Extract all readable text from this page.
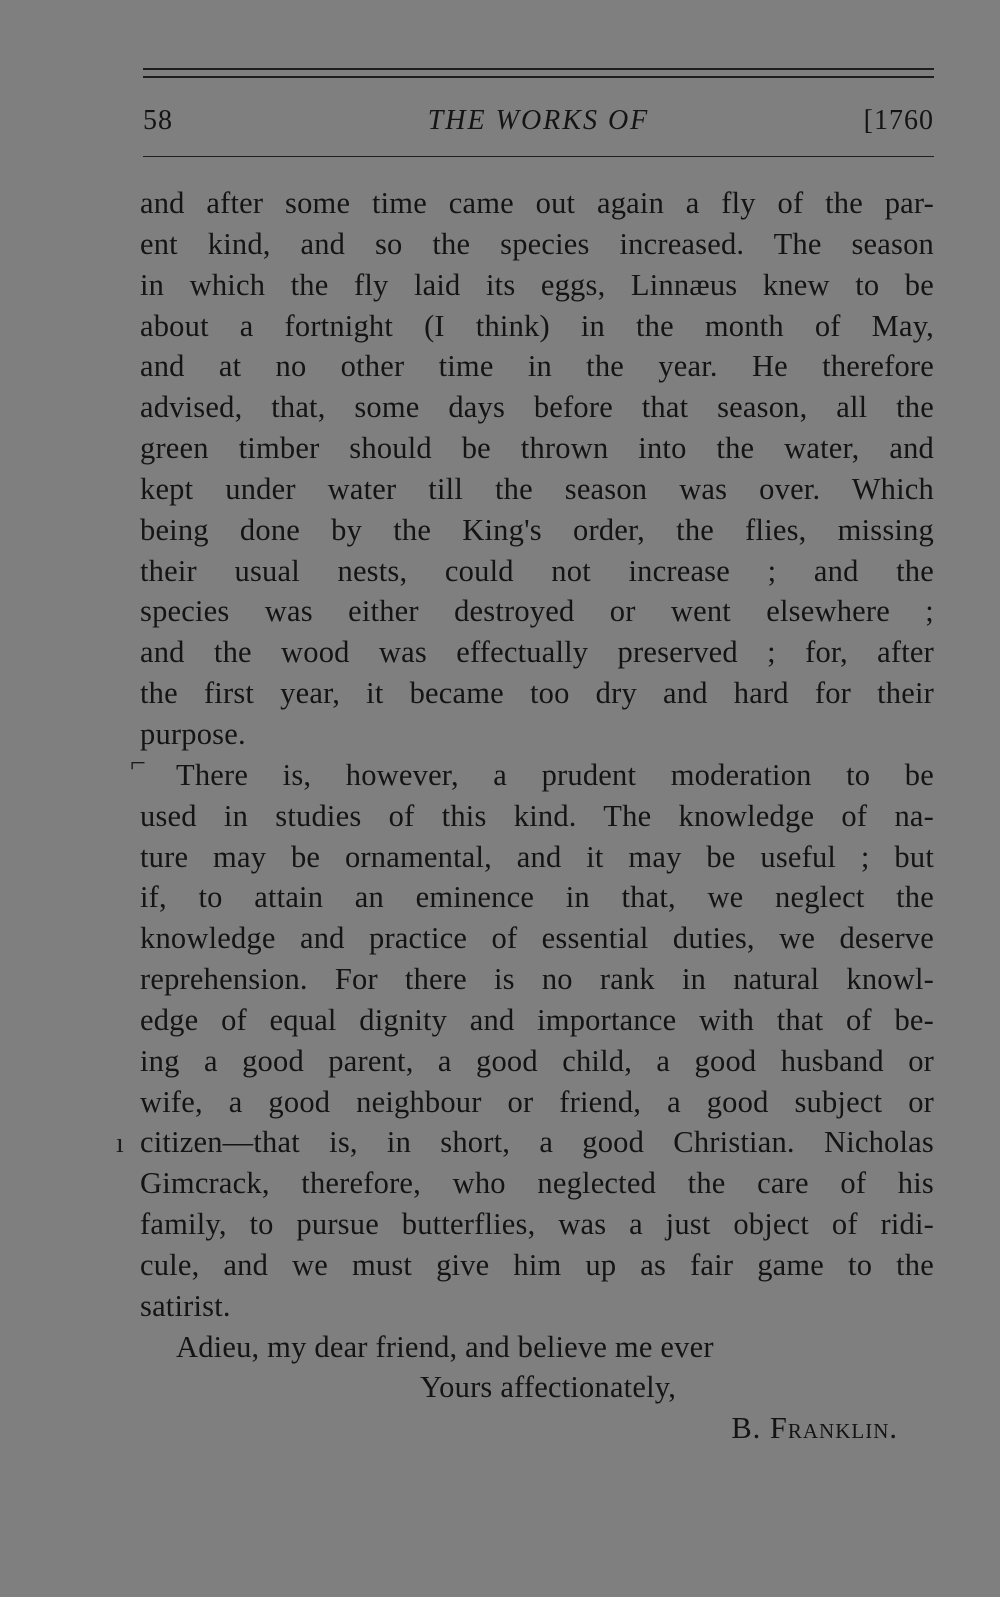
58	THE WORKS OF	[1760
and after some time came out again a fly of the par-
ent kind, and so the species increased. The season
in which the fly laid its eggs, Linnæus knew to be
about a fortnight (I think) in the month of May,
and at no other time in the year. He therefore
advised, that, some days before that season, all the
green timber should be thrown into the water, and
kept under water till the season was over. Which
being done by the King's order, the flies, missing
their usual nests, could not increase ; and the
species was either destroyed or went elsewhere ;
and the wood was effectually preserved ; for, after
the first year, it became too dry and hard for their
purpose.
There is, however, a prudent moderation to be
used in studies of this kind. The knowledge of na-
ture may be ornamental, and it may be useful ; but
if, to attain an eminence in that, we neglect the
knowledge and practice of essential duties, we deserve
reprehension. For there is no rank in natural knowl-
edge of equal dignity and importance with that of be-
ing a good parent, a good child, a good husband or
wife, a good neighbour or friend, a good subject or
citizen—that is, in short, a good Christian. Nicholas
Gimcrack, therefore, who neglected the care of his
family, to pursue butterflies, was a just object of ridi-
cule, and we must give him up as fair game to the
satirist.
Adieu, my dear friend, and believe me ever
Yours affectionately,
B. Franklin.
⌐
ı
